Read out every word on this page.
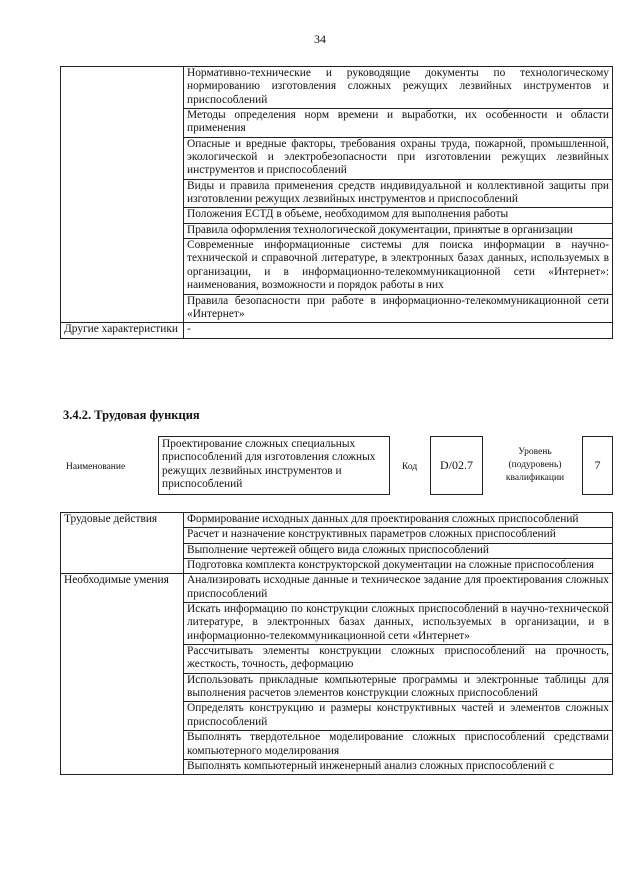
34
	Нормативно-технические и руководящие документы по технологическому нормированию изготовления сложных режущих лезвийных инструментов и приспособлений
	Методы определения норм времени и выработки, их особенности и области применения
	Опасные и вредные факторы, требования охраны труда, пожарной, промышленной, экологической и электробезопасности при изготовлении режущих лезвийных инструментов и приспособлений
	Виды и правила применения средств индивидуальной и коллективной защиты при изготовлении режущих лезвийных инструментов и приспособлений
	Положения ЕСТД в объеме, необходимом для выполнения работы
	Правила оформления технологической документации, принятые в организации
	Современные информационные системы для поиска информации в научно-технической и справочной литературе, в электронных базах данных, используемых в организации, и в информационно-телекоммуникационной сети «Интернет»: наименования, возможности и порядок работы в них
	Правила безопасности при работе в информационно-телекоммуникационной сети «Интернет»
Другие характеристики	-
3.4.2. Трудовая функция
Наименование
Проектирование сложных специальных приспособлений для изготовления сложных режущих лезвийных инструментов и приспособлений
Код	D/02.7
Уровень (подуровень) квалификации
7
Трудовые действия	Формирование исходных данных для проектирования сложных приспособлений
	Расчет и назначение конструктивных параметров сложных приспособлений
	Выполнение чертежей общего вида сложных приспособлений
	Подготовка комплекта конструкторской документации на сложные приспособления
Необходимые умения	Анализировать исходные данные и техническое задание для проектирования сложных приспособлений
	Искать информацию по конструкции сложных приспособлений в научно-технической литературе, в электронных базах данных, используемых в организации, и в информационно-телекоммуникационной сети «Интернет»
	Рассчитывать элементы конструкции сложных приспособлений на прочность, жесткость, точность, деформацию
	Использовать прикладные компьютерные программы и электронные таблицы для выполнения расчетов элементов конструкции сложных приспособлений
	Определять конструкцию и размеры конструктивных частей и элементов сложных приспособлений
	Выполнять твердотельное моделирование сложных приспособлений средствами компьютерного моделирования
	Выполнять компьютерный инженерный анализ сложных приспособлений с
